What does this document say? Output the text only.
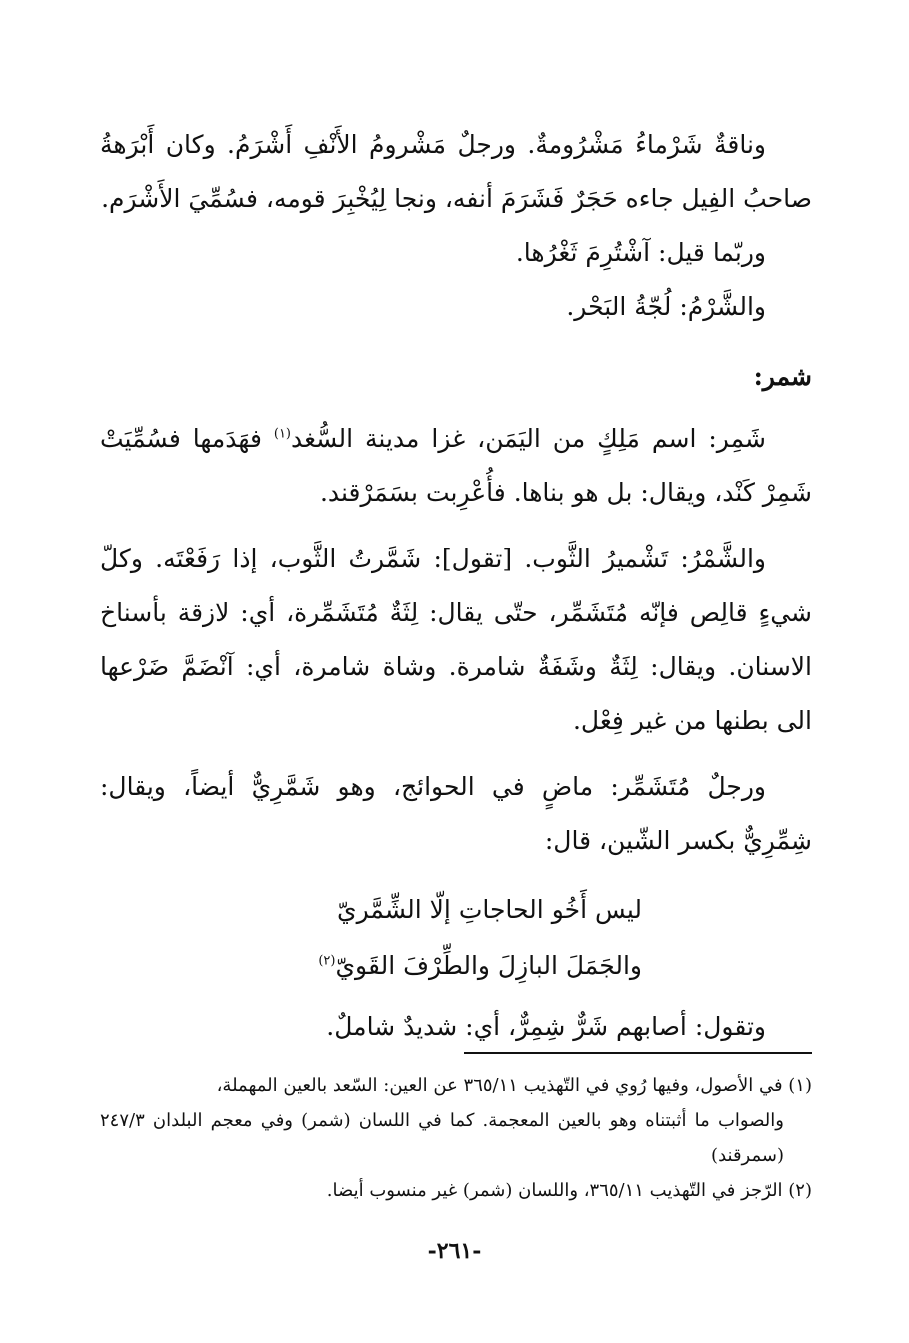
وناقةٌ شَرْماءُ مَشْرُومةٌ. ورجلٌ مَشْرومُ الأَنْفِ أَشْرَمُ. وكان أَبْرَهةُ صاحبُ الفِيل جاءه حَجَرٌ فَشَرَمَ أنفه، ونجا لِيُخْبِرَ قومه، فسُمِّيَ الأَشْرَم.

وربّما قيل: آشْتُرِمَ ثَغْرُها.

والشَّرْمُ: لُجّةُ البَحْر.

شمر:

شَمِر: اسم مَلِكٍ من اليَمَن، غزا مدينة السُّغد$^{(١)}$ فهَدَمها فسُمِّيَتْ شَمِرْ كَنْد، ويقال: بل هو بناها. فأُعْرِبت بسَمَرْقند.

والشَّمْرُ: تَشْميرُ الثَّوب. [تقول]: شَمَّرتُ الثَّوب، إذا رَفَعْتَه. وكلّ شيءٍ قالِص فإنّه مُتَشَمِّر، حتّى يقال: لِثَةٌ مُتَشَمِّرة، أي: لازقة بأسناخ الاسنان. ويقال: لِثَةٌ وشَفَةٌ شامرة. وشاة شامرة، أي: آنْضَمَّ ضَرْعها الى بطنها من غير فِعْل.

ورجلٌ مُتَشَمِّر: ماضٍ في الحوائج، وهو شَمَّرِيٌّ أيضاً، ويقال: شِمِّرِيٌّ بكسر الشّين، قال:

ليس أَخُو الحاجاتِ إلّا الشِّمَّريّ
والجَمَلَ البازِلَ والطِّرْفَ القَويّ$^{(٢)}$

وتقول: أصابهم شَرٌّ شِمِرٌّ، أي: شديدٌ شاملٌ.

(١) في الأصول، وفيها رُوي في التّهذيب ٣٦٥/١١ عن العين: السّعد بالعين المهملة،

والصواب ما أثبتناه وهو بالعين المعجمة. كما في اللسان (شمر) وفي معجم البلدان ٢٤٧/٣ (سمرقند)

(٢) الرّجز في التّهذيب ٣٦٥/١١، واللسان (شمر) غير منسوب أيضا.

-٢٦١-
